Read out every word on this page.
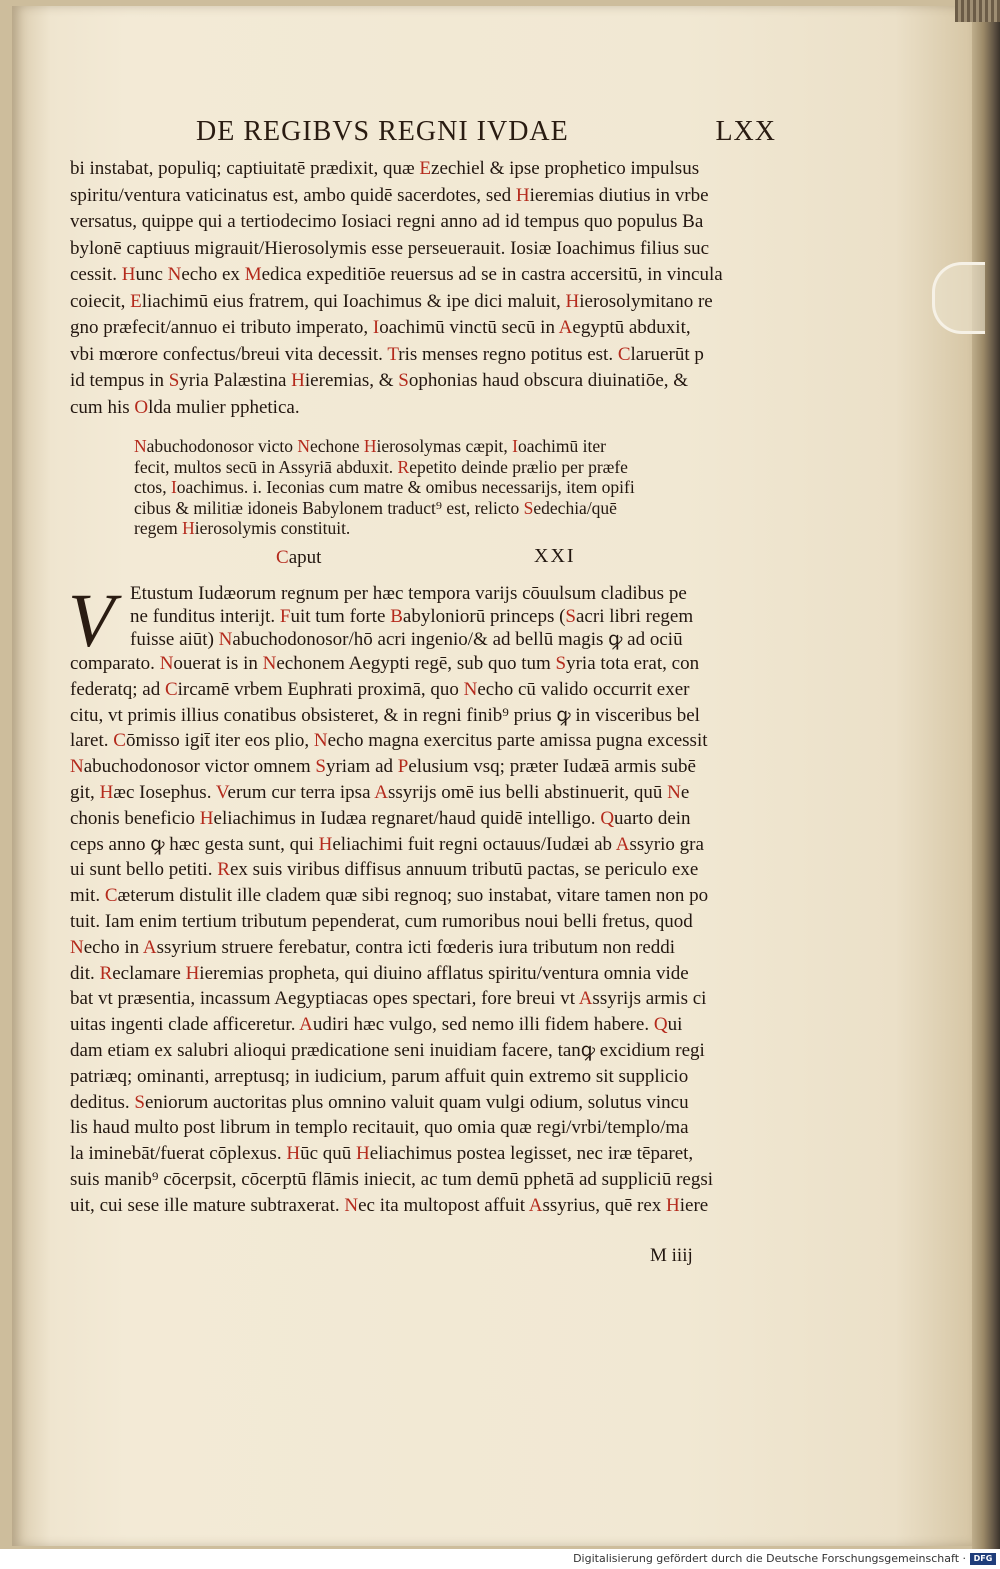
DE REGIBVS REGNI IVDAE	LXX
bi instabat, populiq; captiuitatē prædixit, quæ Ezechiel & ipse prophetico impulsus
spiritu/ventura vaticinatus est, ambo quidē sacerdotes, sed Hieremias diutius in vrbe
versatus, quippe qui a tertiodecimo Iosiaci regni anno ad id tempus quo populus Ba
bylonē captiuus migrauit/Hierosolymis esse perseuerauit. Iosiæ Ioachimus filius suc
cessit. Hunc Necho ex Medica expeditiōe reuersus ad se in castra accersitū, in vincula
coiecit, Eliachimū eius fratrem, qui Ioachimus & ipe dici maluit, Hierosolymitano re
gno præfecit/annuo ei tributo imperato, Ioachimū vinctū secū in Aegyptū abduxit,
vbi mœrore confectus/breui vita decessit. Tris menses regno potitus est. Claruerūt p
id tempus in Syria Palæstina Hieremias, & Sophonias haud obscura diuinatiōe, &
cum his Olda mulier pphetica.
Nabuchodonosor victo Nechone Hierosolymas cæpit, Ioachimū iter
fecit, multos secū in Assyriā abduxit. Repetito deinde prælio per præfe
ctos, Ioachimus. i. Ieconias cum matre & omibus necessarijs, item opifi
cibus & militiæ idoneis Babylonem traduct⁹ est, relicto Sedechia/quē
regem Hierosolymis constituit.
Caput	XXI
V Etustum Iudæorum regnum per hæc tempora varijs cōuulsum cladibus pe
ne funditus interijt. Fuit tum forte Babyloniorū princeps (Sacri libri regem
fuisse aiūt) Nabuchodonosor/hō acri ingenio/& ad bellū magis ꝙ ad ociū
comparato. Nouerat is in Nechonem Aegypti regē, sub quo tum Syria tota erat, con
federatq; ad Circamē vrbem Euphrati proximā, quo Necho cū valido occurrit exer
citu, vt primis illius conatibus obsisteret, & in regni finib⁹ prius ꝙ in visceribus bel
laret. Cōmisso igit̄ iter eos plio, Necho magna exercitus parte amissa pugna excessit
Nabuchodonosor victor omnem Syriam ad Pelusium vsq; præter Iudæā armis subē
git, Hæc Iosephus. Verum cur terra ipsa Assyrijs omē ius belli abstinuerit, quū Ne
chonis beneficio Heliachimus in Iudæa regnaret/haud quidē intelligo. Quarto dein
ceps anno ꝙ hæc gesta sunt, qui Heliachimi fuit regni octauus/Iudæi ab Assyrio gra
ui sunt bello petiti. Rex suis viribus diffisus annuum tributū pactas, se periculo exe
mit. Cæterum distulit ille cladem quæ sibi regnoq; suo instabat, vitare tamen non po
tuit. Iam enim tertium tributum pependerat, cum rumoribus noui belli fretus, quod
Necho in Assyrium struere ferebatur, contra icti fœderis iura tributum non reddi
dit. Reclamare Hieremias propheta, qui diuino afflatus spiritu/ventura omnia vide
bat vt præsentia, incassum Aegyptiacas opes spectari, fore breui vt Assyrijs armis ci
uitas ingenti clade afficeretur. Audiri hæc vulgo, sed nemo illi fidem habere. Qui
dam etiam ex salubri alioqui prædicatione seni inuidiam facere, tanꝙ excidium regi
patriæq; ominanti, arreptusq; in iudicium, parum affuit quin extremo sit supplicio
deditus. Seniorum auctoritas plus omnino valuit quam vulgi odium, solutus vincu
lis haud multo post librum in templo recitauit, quo omia quæ regi/vrbi/templo/ma
la iminebāt/fuerat cōplexus. Hūc quū Heliachimus postea legisset, nec iræ tēparet,
suis manib⁹ cōcerpsit, cōcerptū flāmis iniecit, ac tum demū pphetā ad suppliciū regsi
uit, cui sese ille mature subtraxerat. Nec ita multopost affuit Assyrius, quē rex Hiere
M iiij
Digitalisierung gefördert durch die Deutsche Forschungsgemeinschaft · DFG
